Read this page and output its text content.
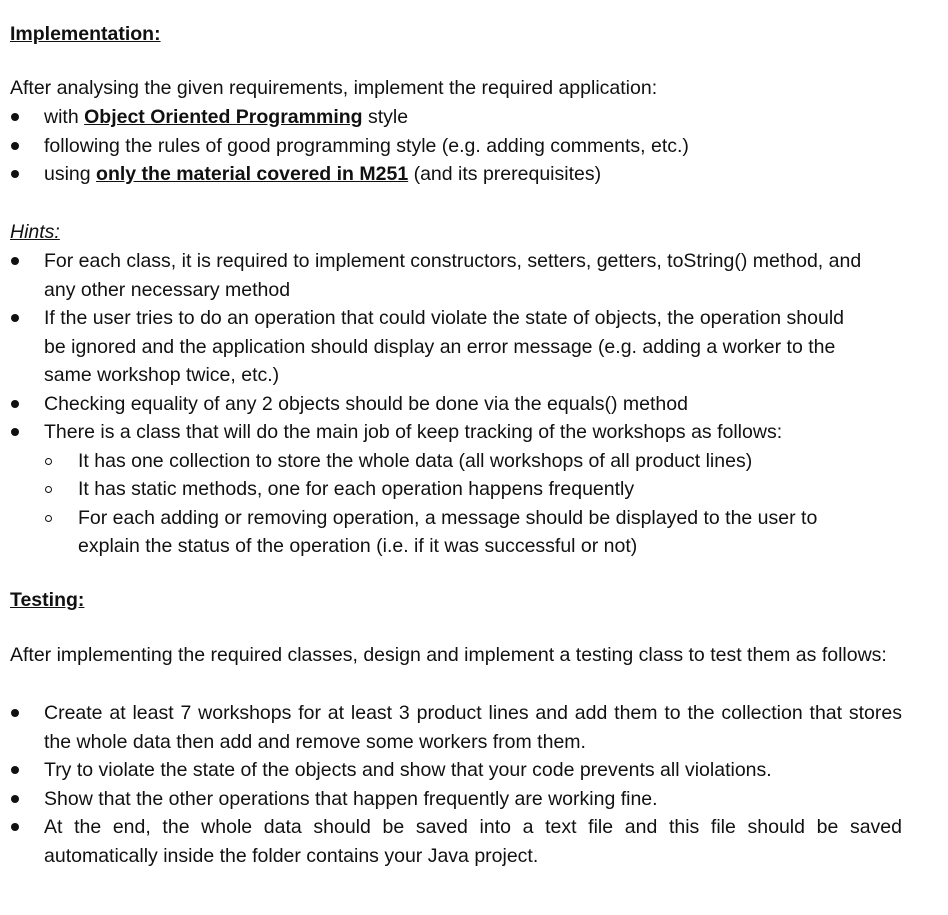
Implementation:

After analysing the given requirements, implement the required application:

with Object Oriented Programming style
following the rules of good programming style (e.g. adding comments, etc.)
using only the material covered in M251 (and its prerequisites)
Hints:
For each class, it is required to implement constructors, setters, getters, toString() method, and any other necessary method
If the user tries to do an operation that could violate the state of objects, the operation should be ignored and the application should display an error message (e.g. adding a worker to the same workshop twice, etc.)
Checking equality of any 2 objects should be done via the equals() method
There is a class that will do the main job of keep tracking of the workshops as follows:
It has one collection to store the whole data (all workshops of all product lines)
It has static methods, one for each operation happens frequently
For each adding or removing operation, a message should be displayed to the user to explain the status of the operation (i.e. if it was successful or not)
Testing:

After implementing the required classes, design and implement a testing class to test them as follows:

Create at least 7 workshops for at least 3 product lines and add them to the collection that stores the whole data then add and remove some workers from them.
Try to violate the state of the objects and show that your code prevents all violations.
Show that the other operations that happen frequently are working fine.
At the end, the whole data should be saved into a text file and this file should be saved automatically inside the folder contains your Java project.
